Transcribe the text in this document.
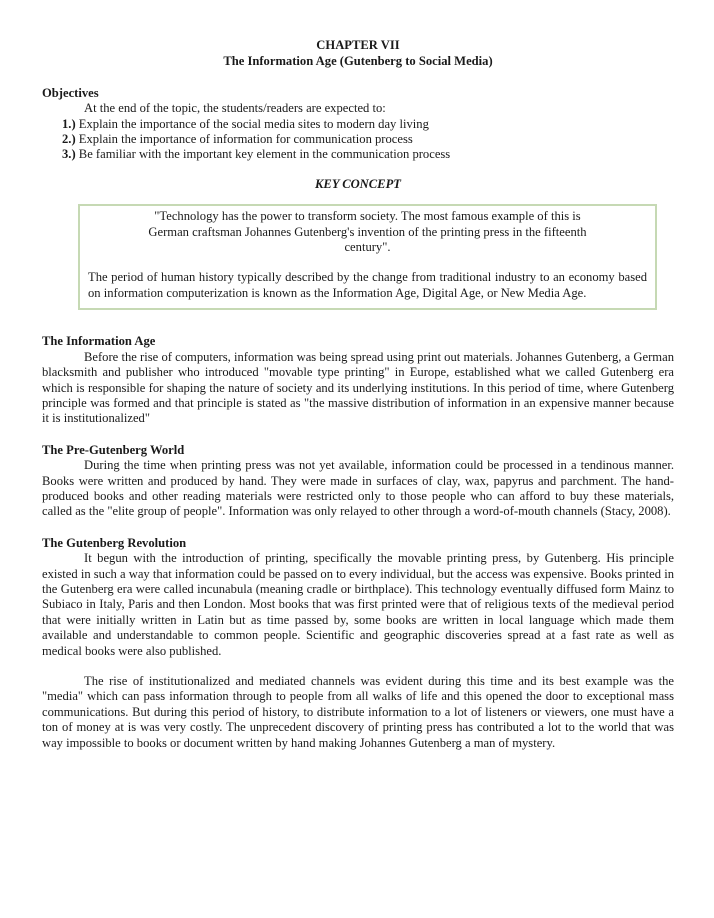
CHAPTER VII
The Information Age (Gutenberg to Social Media)
Objectives
At the end of the topic, the students/readers are expected to:
1.) Explain the importance of the social media sites to modern day living
2.) Explain the importance of information for communication process
3.) Be familiar with the important key element in the communication process
KEY CONCEPT
"Technology has the power to transform society. The most famous example of this is German craftsman Johannes Gutenberg's invention of the printing press in the fifteenth century".
The period of human history typically described by the change from traditional industry to an economy based on information computerization is known as the Information Age, Digital Age, or New Media Age.
The Information Age
Before the rise of computers, information was being spread using print out materials. Johannes Gutenberg, a German blacksmith and publisher who introduced "movable type printing" in Europe, established what we called Gutenberg era which is responsible for shaping the nature of society and its underlying institutions. In this period of time, where Gutenberg principle was formed and that principle is stated as "the massive distribution of information in an expensive manner because it is institutionalized"
The Pre-Gutenberg World
During the time when printing press was not yet available, information could be processed in a tendinous manner. Books were written and produced by hand. They were made in surfaces of clay, wax, papyrus and parchment. The hand-produced books and other reading materials were restricted only to those people who can afford to buy these materials, called as the "elite group of people". Information was only relayed to other through a word-of-mouth channels (Stacy, 2008).
The Gutenberg Revolution
It begun with the introduction of printing, specifically the movable printing press, by Gutenberg. His principle existed in such a way that information could be passed on to every individual, but the access was expensive. Books printed in the Gutenberg era were called incunabula (meaning cradle or birthplace). This technology eventually diffused form Mainz to Subiaco in Italy, Paris and then London. Most books that was first printed were that of religious texts of the medieval period that were initially written in Latin but as time passed by, some books are written in local language which made them available and understandable to common people. Scientific and geographic discoveries spread at a fast rate as well as medical books were also published.
The rise of institutionalized and mediated channels was evident during this time and its best example was the "media" which can pass information through to people from all walks of life and this opened the door to exceptional mass communications. But during this period of history, to distribute information to a lot of listeners or viewers, one must have a ton of money at is was very costly. The unprecedent discovery of printing press has contributed a lot to the world that was way impossible to books or document written by hand making Johannes Gutenberg a man of mystery.
